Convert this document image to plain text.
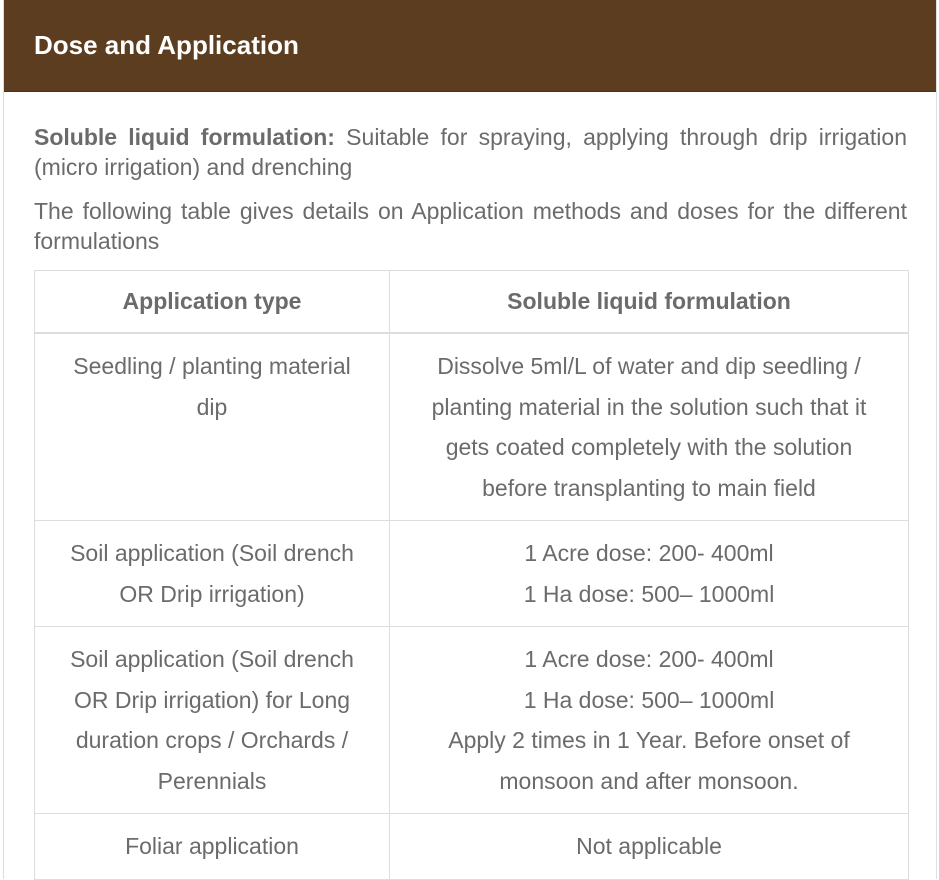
Dose and Application

Soluble liquid formulation: Suitable for spraying, applying through drip irrigation (micro irrigation) and drenching

The following table gives details on Application methods and doses for the different formulations

Application type	Soluble liquid formulation
Seedling / planting material dip	Dissolve 5ml/L of water and dip seedling / planting material in the solution such that it gets coated completely with the solution before transplanting to main field

Soil application (Soil drench OR Drip irrigation)	1 Acre dose: 200- 400ml
1 Ha dose: 500– 1000ml

Soil application (Soil drench OR Drip irrigation) for Long duration crops / Orchards / Perennials	1 Acre dose: 200- 400ml
1 Ha dose: 500– 1000ml
Apply 2 times in 1 Year. Before onset of monsoon and after monsoon.

Foliar application	Not applicable
